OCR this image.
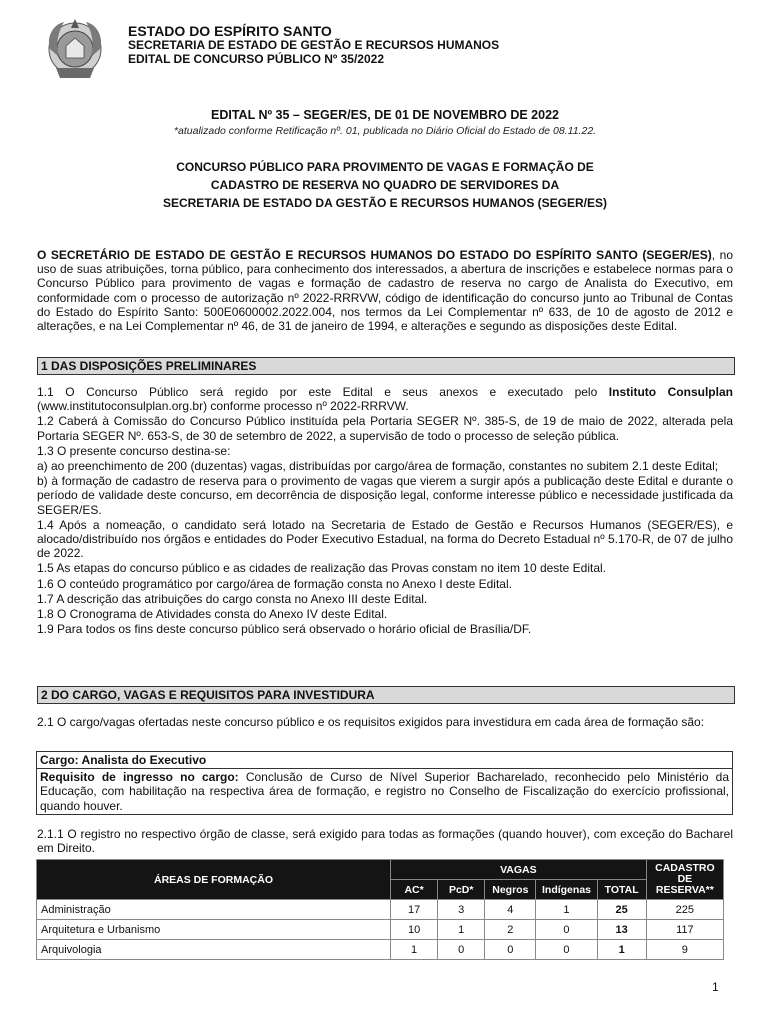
ESTADO DO ESPÍRITO SANTO
SECRETARIA DE ESTADO DE GESTÃO E RECURSOS HUMANOS
EDITAL DE CONCURSO PÚBLICO Nº 35/2022
EDITAL Nº 35 – SEGER/ES, DE 01 DE NOVEMBRO DE 2022
*atualizado conforme Retificação nº. 01, publicada no Diário Oficial do Estado de 08.11.22.
CONCURSO PÚBLICO PARA PROVIMENTO DE VAGAS E FORMAÇÃO DE
CADASTRO DE RESERVA NO QUADRO DE SERVIDORES DA
SECRETARIA DE ESTADO DA GESTÃO E RECURSOS HUMANOS (SEGER/ES)
O SECRETÁRIO DE ESTADO DE GESTÃO E RECURSOS HUMANOS DO ESTADO DO ESPÍRITO SANTO (SEGER/ES), no uso de suas atribuições, torna público, para conhecimento dos interessados, a abertura de inscrições e estabelece normas para o Concurso Público para provimento de vagas e formação de cadastro de reserva no cargo de Analista do Executivo, em conformidade com o processo de autorização nº 2022-RRRVW, código de identificação do concurso junto ao Tribunal de Contas do Estado do Espírito Santo: 500E0600002.2022.004, nos termos da Lei Complementar nº 633, de 10 de agosto de 2012 e alterações, e na Lei Complementar nº 46, de 31 de janeiro de 1994, e alterações e segundo as disposições deste Edital.
1 DAS DISPOSIÇÕES PRELIMINARES
1.1 O Concurso Público será regido por este Edital e seus anexos e executado pelo Instituto Consulplan (www.institutoconsulplan.org.br) conforme processo nº 2022-RRRVW.
1.2 Caberá à Comissão do Concurso Público instituída pela Portaria SEGER Nº. 385-S, de 19 de maio de 2022, alterada pela Portaria SEGER Nº. 653-S, de 30 de setembro de 2022, a supervisão de todo o processo de seleção pública.
1.3 O presente concurso destina-se:
a) ao preenchimento de 200 (duzentas) vagas, distribuídas por cargo/área de formação, constantes no subitem 2.1 deste Edital;
b) à formação de cadastro de reserva para o provimento de vagas que vierem a surgir após a publicação deste Edital e durante o período de validade deste concurso, em decorrência de disposição legal, conforme interesse público e necessidade justificada da SEGER/ES.
1.4 Após a nomeação, o candidato será lotado na Secretaria de Estado de Gestão e Recursos Humanos (SEGER/ES), e alocado/distribuído nos órgãos e entidades do Poder Executivo Estadual, na forma do Decreto Estadual nº 5.170-R, de 07 de julho de 2022.
1.5 As etapas do concurso público e as cidades de realização das Provas constam no item 10 deste Edital.
1.6 O conteúdo programático por cargo/área de formação consta no Anexo I deste Edital.
1.7 A descrição das atribuições do cargo consta no Anexo III deste Edital.
1.8 O Cronograma de Atividades consta do Anexo IV deste Edital.
1.9 Para todos os fins deste concurso público será observado o horário oficial de Brasília/DF.
2 DO CARGO, VAGAS E REQUISITOS PARA INVESTIDURA
2.1 O cargo/vagas ofertadas neste concurso público e os requisitos exigidos para investidura em cada área de formação são:
Cargo: Analista do Executivo
Requisito de ingresso no cargo: Conclusão de Curso de Nível Superior Bacharelado, reconhecido pelo Ministério da Educação, com habilitação na respectiva área de formação, e registro no Conselho de Fiscalização do exercício profissional, quando houver.
2.1.1 O registro no respectivo órgão de classe, será exigido para todas as formações (quando houver), com exceção do Bacharel em Direito.
ÁREAS DE FORMAÇÃO	VAGAS					CADASTRO
DE
RESERVA**

	AC*	PcD*	Negros	Indígenas	TOTAL	
Administração	17	3	4	1	25	225
Arquitetura e Urbanismo	10	1	2	0	13	117
Arquivologia	1	0	0	0	1	9
1
